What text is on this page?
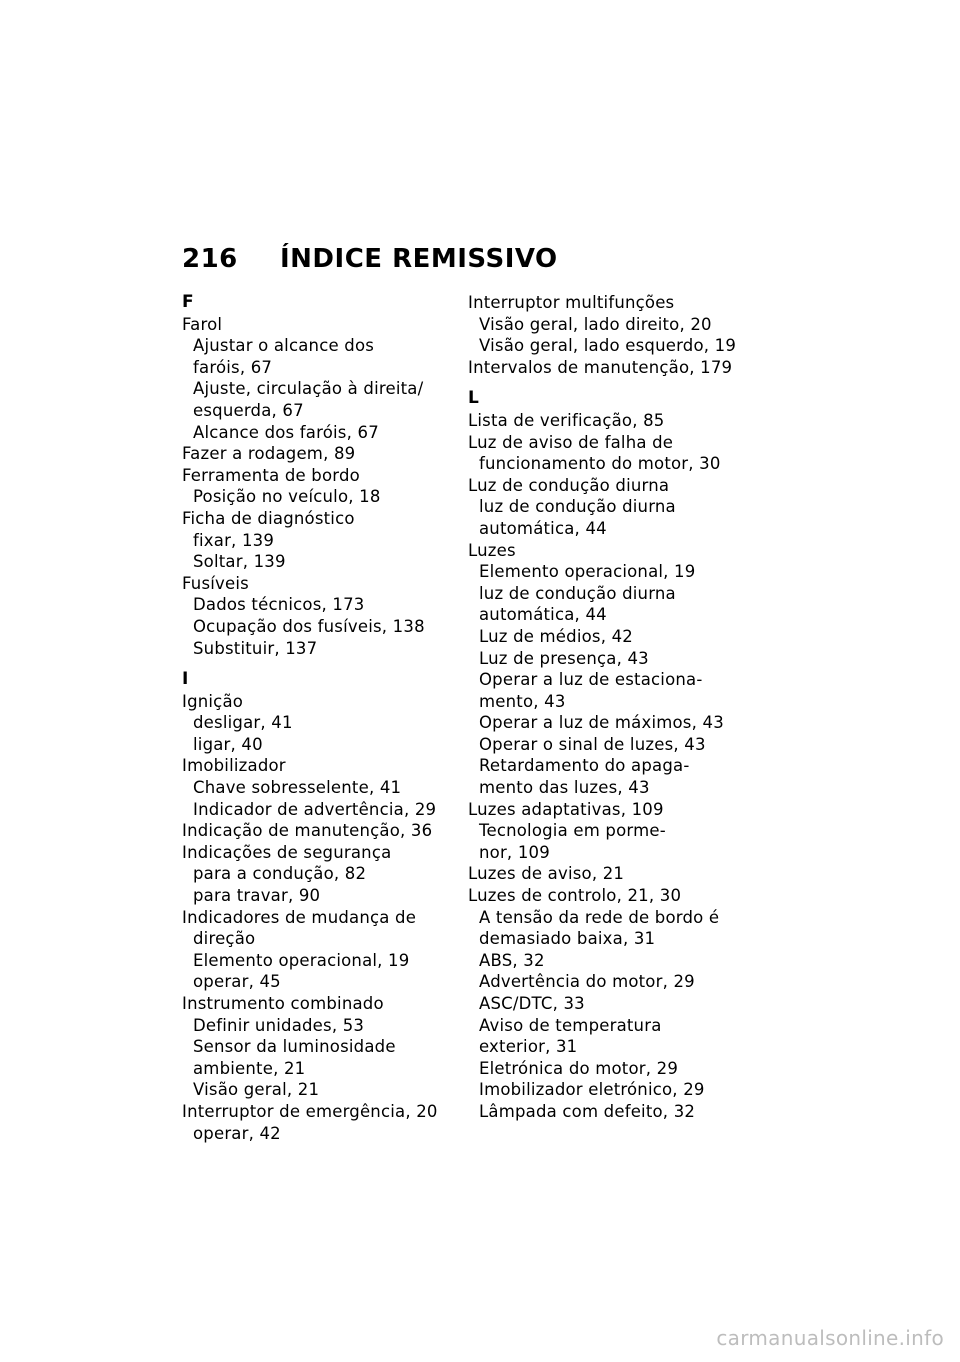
216 ÍNDICE REMISSIVO
F
Farol
Ajustar o alcance dos
faróis, 67
Ajuste, circulação à direita/
esquerda, 67
Alcance dos faróis, 67
Fazer a rodagem, 89
Ferramenta de bordo
Posição no veículo, 18
Ficha de diagnóstico
fixar, 139
Soltar, 139
Fusíveis
Dados técnicos, 173
Ocupação dos fusíveis, 138
Substituir, 137
I
Ignição
desligar, 41
ligar, 40
Imobilizador
Chave sobresselente, 41
Indicador de advertência, 29
Indicação de manutenção, 36
Indicações de segurança
para a condução, 82
para travar, 90
Indicadores de mudança de
direção
Elemento operacional, 19
operar, 45
Instrumento combinado
Definir unidades, 53
Sensor da luminosidade
ambiente, 21
Visão geral, 21
Interruptor de emergência, 20
operar, 42
Interruptor multifunções
Visão geral, lado direito, 20
Visão geral, lado esquerdo, 19
Intervalos de manutenção, 179
L
Lista de verificação, 85
Luz de aviso de falha de
funcionamento do motor, 30
Luz de condução diurna
luz de condução diurna
automática, 44
Luzes
Elemento operacional, 19
luz de condução diurna
automática, 44
Luz de médios, 42
Luz de presença, 43
Operar a luz de estaciona-
mento, 43
Operar a luz de máximos, 43
Operar o sinal de luzes, 43
Retardamento do apaga-
mento das luzes, 43
Luzes adaptativas, 109
Tecnologia em porme-
nor, 109
Luzes de aviso, 21
Luzes de controlo, 21, 30
A tensão da rede de bordo é
demasiado baixa, 31
ABS, 32
Advertência do motor, 29
ASC/DTC, 33
Aviso de temperatura
exterior, 31
Eletrónica do motor, 29
Imobilizador eletrónico, 29
Lâmpada com defeito, 32
carmanualsonline.info
